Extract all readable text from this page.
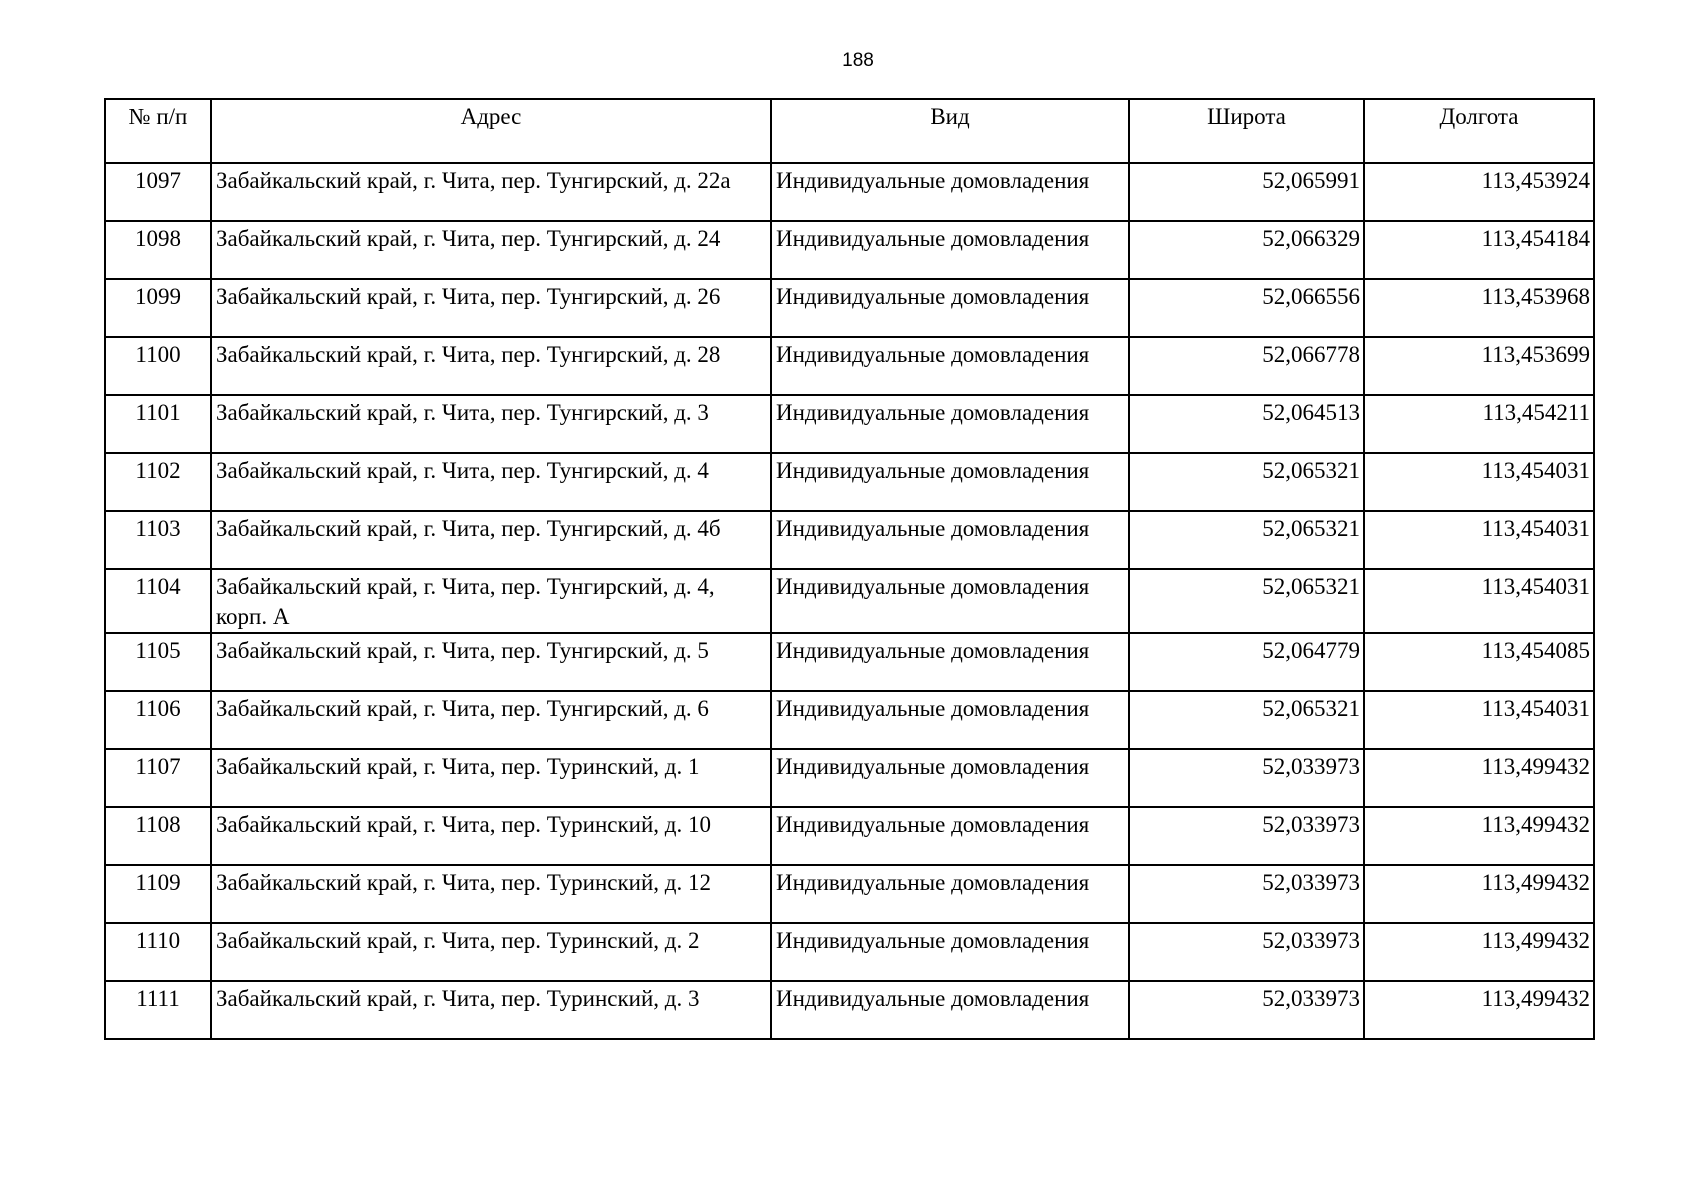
188
№ п/п	Адрес	Вид	Широта	Долгота
1097	Забайкальский край, г. Чита, пер. Тунгирский, д. 22а	Индивидуальные домовладения	52,065991	113,453924
1098	Забайкальский край, г. Чита, пер. Тунгирский, д. 24	Индивидуальные домовладения	52,066329	113,454184
1099	Забайкальский край, г. Чита, пер. Тунгирский, д. 26	Индивидуальные домовладения	52,066556	113,453968
1100	Забайкальский край, г. Чита, пер. Тунгирский, д. 28	Индивидуальные домовладения	52,066778	113,453699
1101	Забайкальский край, г. Чита, пер. Тунгирский, д. 3	Индивидуальные домовладения	52,064513	113,454211
1102	Забайкальский край, г. Чита, пер. Тунгирский, д. 4	Индивидуальные домовладения	52,065321	113,454031
1103	Забайкальский край, г. Чита, пер. Тунгирский, д. 4б	Индивидуальные домовладения	52,065321	113,454031
1104	Забайкальский край, г. Чита, пер. Тунгирский, д. 4, корп. А	Индивидуальные домовладения	52,065321	113,454031
1105	Забайкальский край, г. Чита, пер. Тунгирский, д. 5	Индивидуальные домовладения	52,064779	113,454085
1106	Забайкальский край, г. Чита, пер. Тунгирский, д. 6	Индивидуальные домовладения	52,065321	113,454031
1107	Забайкальский край, г. Чита, пер. Туринский, д. 1	Индивидуальные домовладения	52,033973	113,499432
1108	Забайкальский край, г. Чита, пер. Туринский, д. 10	Индивидуальные домовладения	52,033973	113,499432
1109	Забайкальский край, г. Чита, пер. Туринский, д. 12	Индивидуальные домовладения	52,033973	113,499432
1110	Забайкальский край, г. Чита, пер. Туринский, д. 2	Индивидуальные домовладения	52,033973	113,499432
1111	Забайкальский край, г. Чита, пер. Туринский, д. 3	Индивидуальные домовладения	52,033973	113,499432
